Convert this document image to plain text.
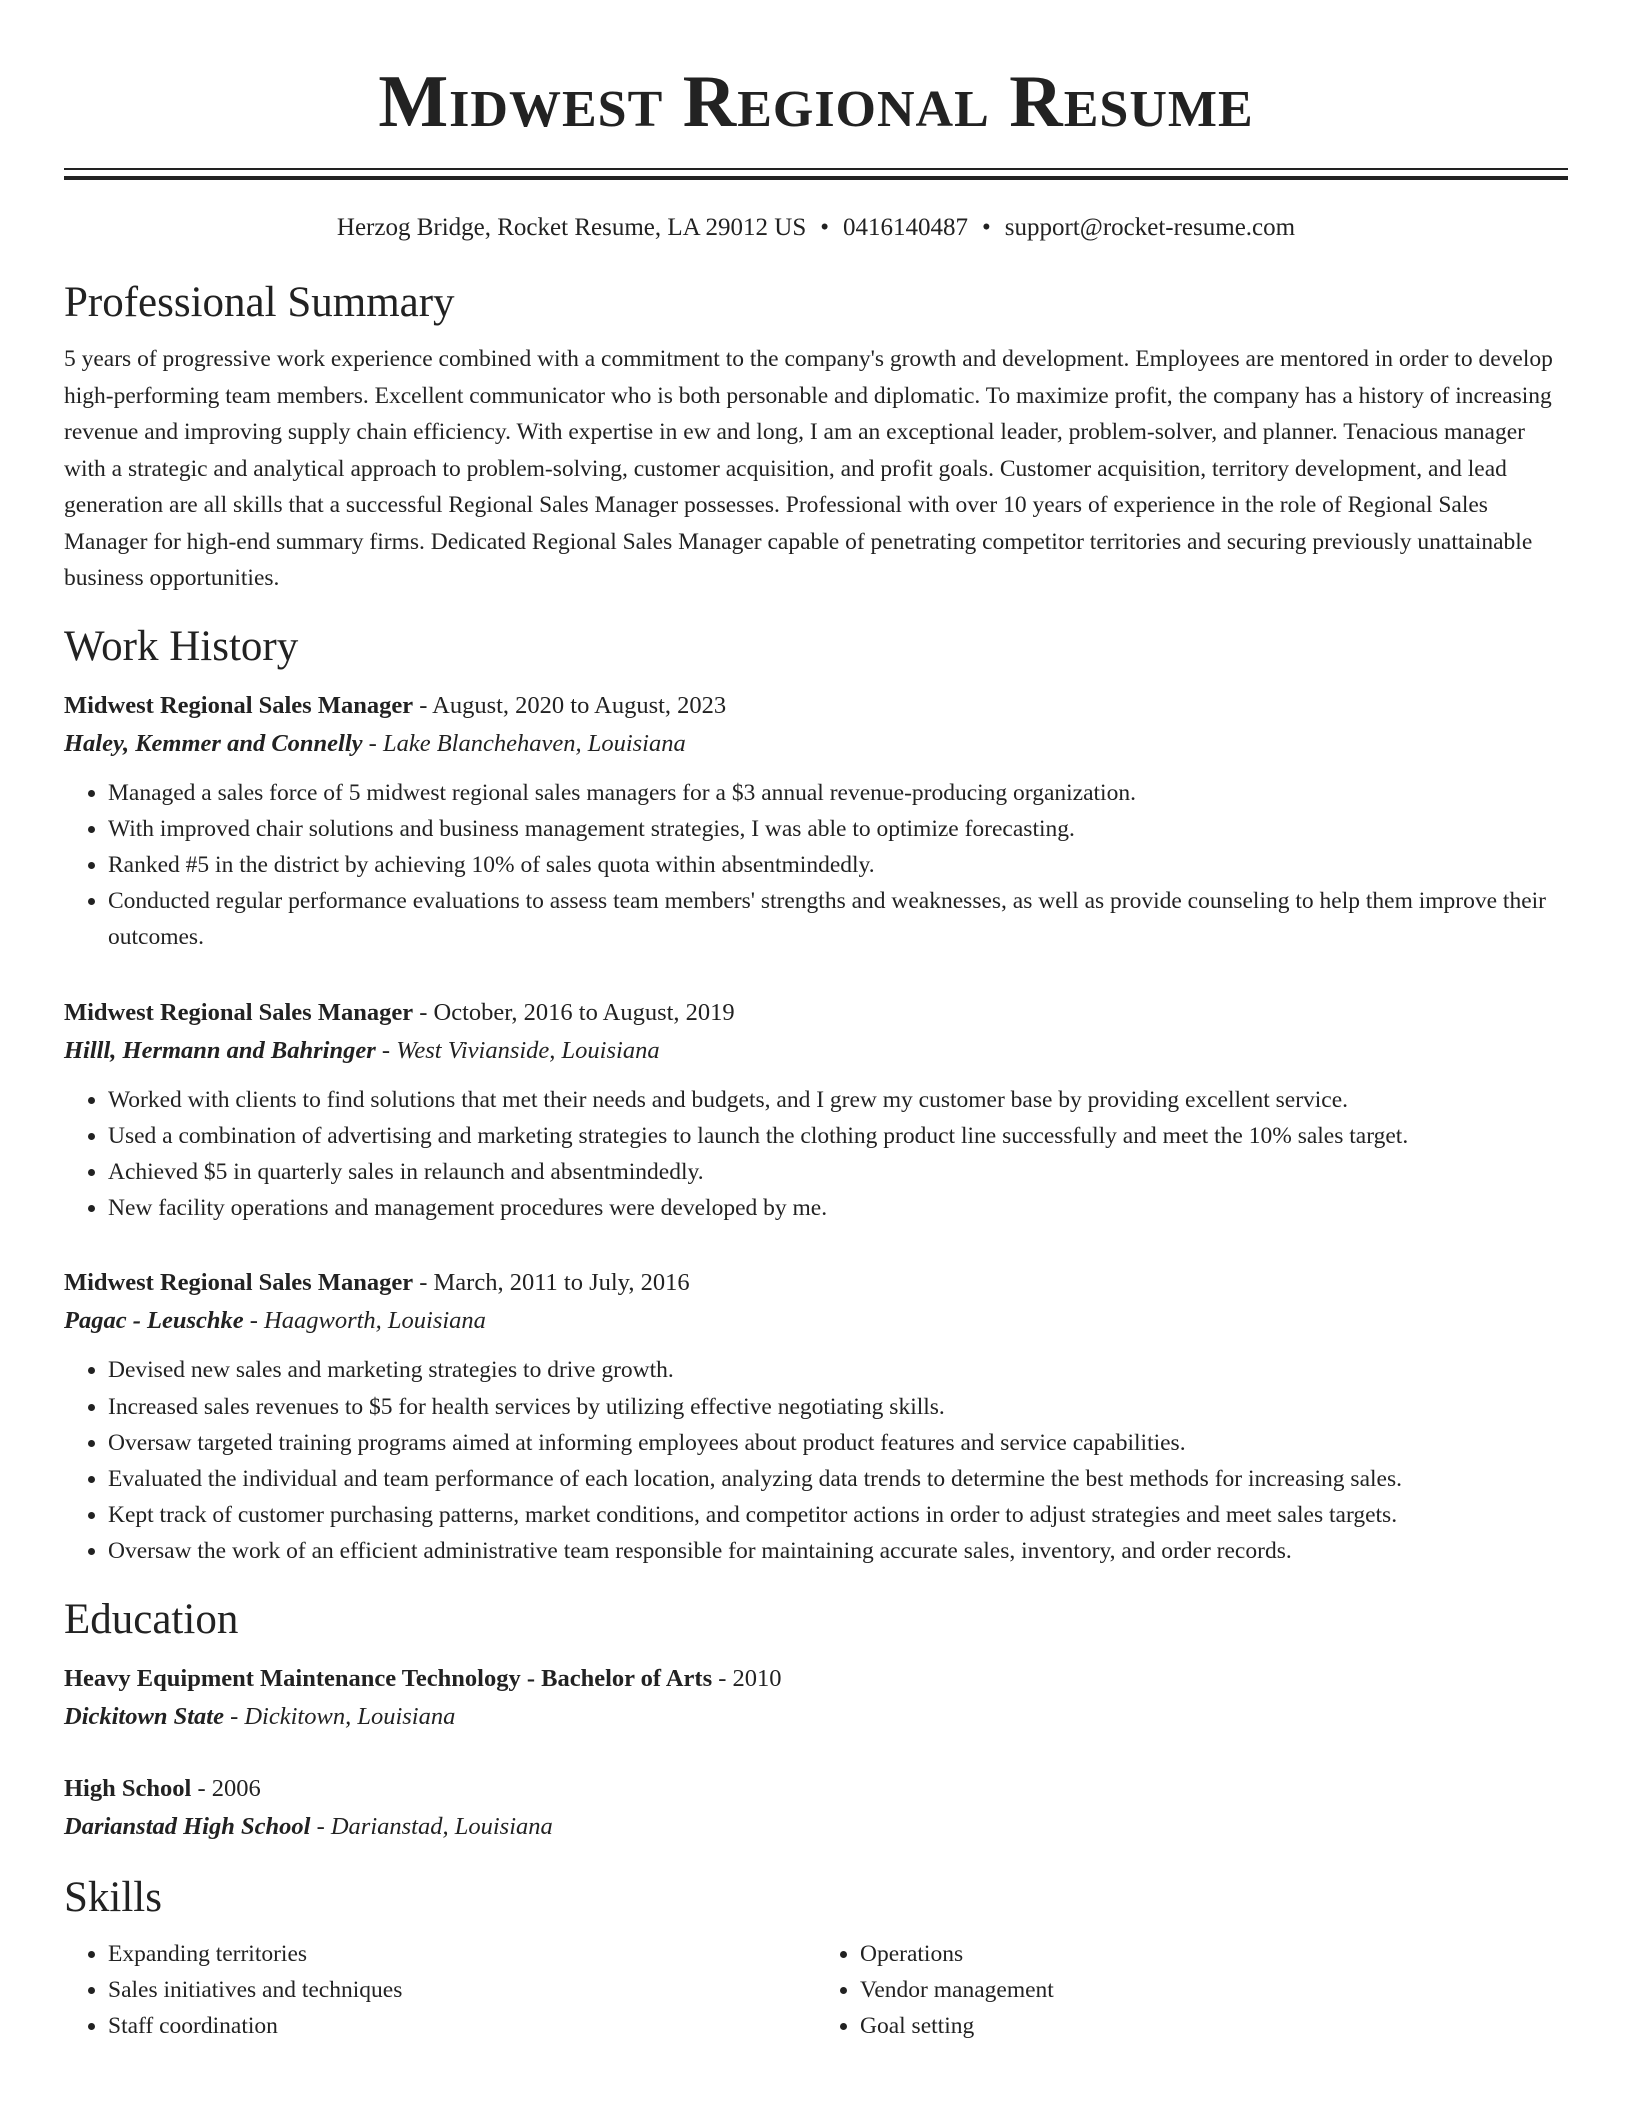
Midwest Regional Resume
Herzog Bridge, Rocket Resume, LA 29012 US • 0416140487 • support@rocket-resume.com
Professional Summary

5 years of progressive work experience combined with a commitment to the company's growth and development. Employees are mentored in order to develop high-performing team members. Excellent communicator who is both personable and diplomatic. To maximize profit, the company has a history of increasing revenue and improving supply chain efficiency. With expertise in ew and long, I am an exceptional leader, problem-solver, and planner. Tenacious manager with a strategic and analytical approach to problem-solving, customer acquisition, and profit goals. Customer acquisition, territory development, and lead generation are all skills that a successful Regional Sales Manager possesses. Professional with over 10 years of experience in the role of Regional Sales Manager for high-end summary firms. Dedicated Regional Sales Manager capable of penetrating competitor territories and securing previously unattainable business opportunities.

Work History
Midwest Regional Sales Manager - August, 2020 to August, 2023
Haley, Kemmer and Connelly - Lake Blanchehaven, Louisiana
• Managed a sales force of 5 midwest regional sales managers for a $3 annual revenue-producing organization.
• With improved chair solutions and business management strategies, I was able to optimize forecasting.
• Ranked #5 in the district by achieving 10% of sales quota within absentmindedly.
• Conducted regular performance evaluations to assess team members' strengths and weaknesses, as well as provide counseling to help them improve their outcomes.
Midwest Regional Sales Manager - October, 2016 to August, 2019
Hilll, Hermann and Bahringer - West Vivianside, Louisiana
• Worked with clients to find solutions that met their needs and budgets, and I grew my customer base by providing excellent service.
• Used a combination of advertising and marketing strategies to launch the clothing product line successfully and meet the 10% sales target.
• Achieved $5 in quarterly sales in relaunch and absentmindedly.
• New facility operations and management procedures were developed by me.
Midwest Regional Sales Manager - March, 2011 to July, 2016
Pagac - Leuschke - Haagworth, Louisiana
• Devised new sales and marketing strategies to drive growth.
• Increased sales revenues to $5 for health services by utilizing effective negotiating skills.
• Oversaw targeted training programs aimed at informing employees about product features and service capabilities.
• Evaluated the individual and team performance of each location, analyzing data trends to determine the best methods for increasing sales.
• Kept track of customer purchasing patterns, market conditions, and competitor actions in order to adjust strategies and meet sales targets.
• Oversaw the work of an efficient administrative team responsible for maintaining accurate sales, inventory, and order records.
Education
Heavy Equipment Maintenance Technology - Bachelor of Arts - 2010
Dickitown State - Dickitown, Louisiana
High School - 2006
Darianstad High School - Darianstad, Louisiana
Skills
• Expanding territories
• Sales initiatives and techniques
• Staff coordination
• Operations
• Vendor management
• Goal setting
